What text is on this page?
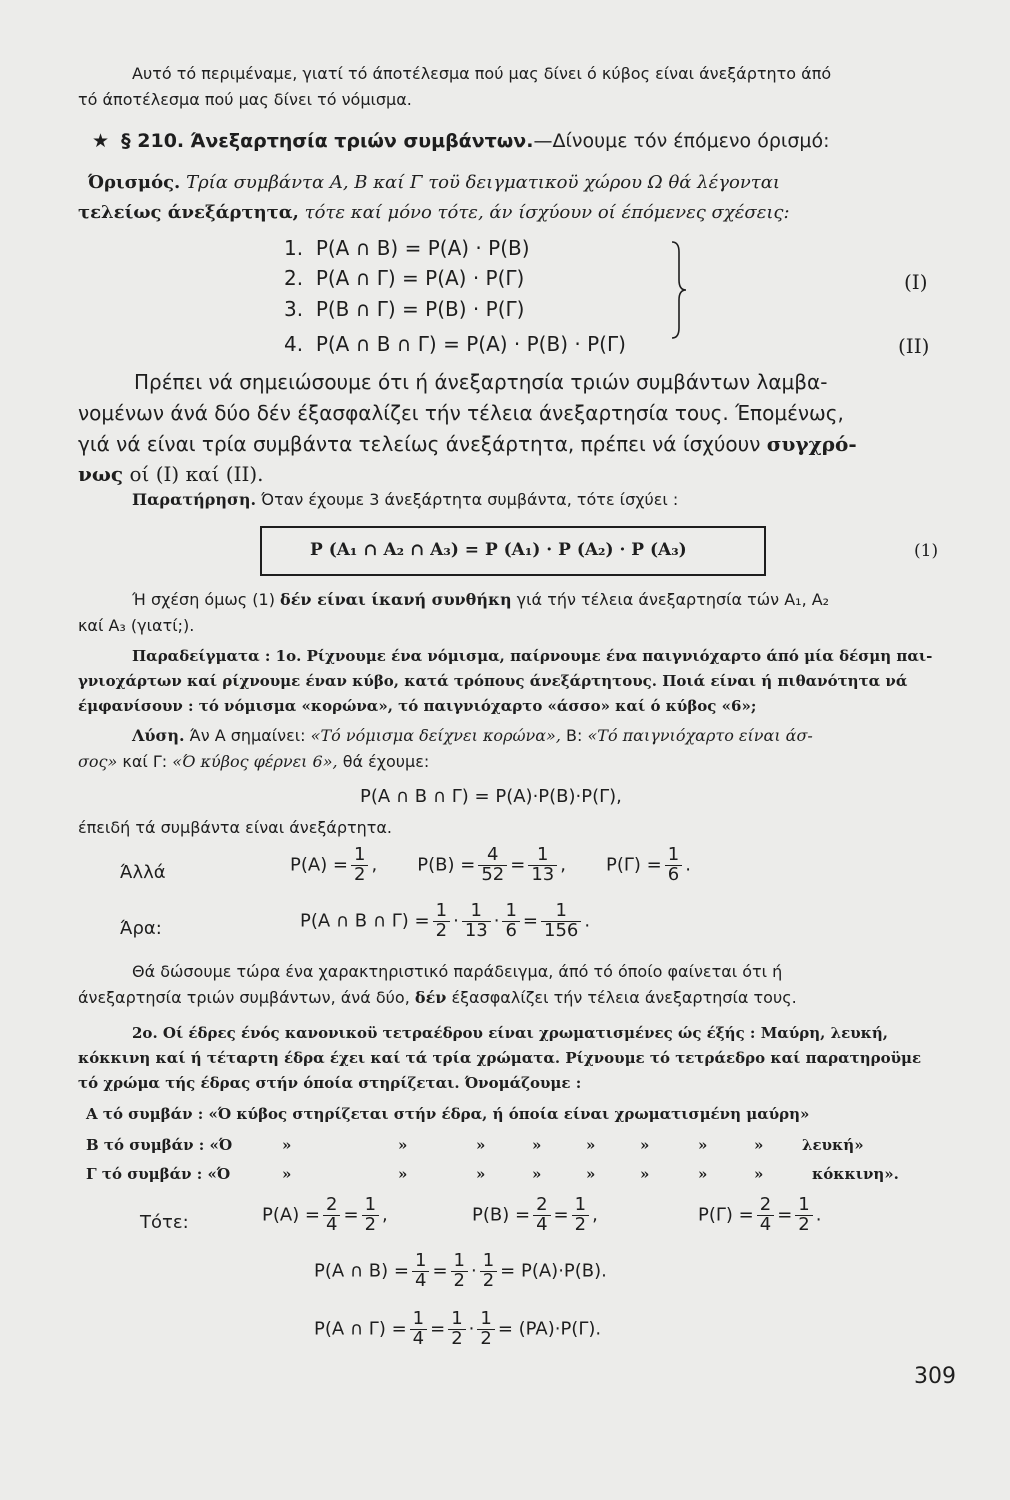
Αυτό τό περιμέναμε, γιατί τό άποτέλεσμα πού μας δίνει ό κύβος είναι άνεξάρτητο άπό
τό άποτέλεσμα πού μας δίνει τό νόμισμα.
★ § 210. Άνεξαρτησία τριών συμβάντων.—Δίνουμε τόν έπόμενο όρισμό:
Όρισμός. Τρία συμβάντα Α, Β καί Γ τοϋ δειγματικοϋ χώρου Ω θά λέγονται
τελείως άνεξάρτητα, τότε καί μόνο τότε, άν ίσχύουν οί έπόμενες σχέσεις:
1. P(A ∩ B) = P(A) · P(B)
2. P(A ∩ Γ) = P(A) · P(Γ)
3. P(B ∩ Γ) = P(B) · P(Γ)
4. P(A ∩ B ∩ Γ) = P(A) · P(B) · P(Γ)
(I)
(II)
Πρέπει νά σημειώσουμε ότι ή άνεξαρτησία τριών συμβάντων λαμβα-
νομένων άνά δύο δέν έξασφαλίζει τήν τέλεια άνεξαρτησία τους. Έπομένως,
γιά νά είναι τρία συμβάντα τελείως άνεξάρτητα, πρέπει νά ίσχύουν συγχρό-
νως οί (I) καί (II).
Παρατήρηση. Όταν έχουμε 3 άνεξάρτητα συμβάντα, τότε ίσχύει :
P (A₁ ∩ A₂ ∩ A₃) = P (A₁) · P (A₂) · P (A₃)	(1)
Ή σχέση όμως (1) δέν είναι ίκανή συνθήκη γιά τήν τέλεια άνεξαρτησία τών A₁, A₂
καί A₃ (γιατί;).
Παραδείγματα : 1ο. Ρίχνουμε ένα νόμισμα, παίρνουμε ένα παιγνιόχαρτο άπό μία δέσμη παι-
γνιοχάρτων καί ρίχνουμε έναν κύβο, κατά τρόπους άνεξάρτητους. Ποιά είναι ή πιθανότητα νά
έμφανίσουν : τό νόμισμα «κορώνα», τό παιγνιόχαρτο «άσσο» καί ό κύβος «6»;
Λύση. Άν Α σημαίνει: «Τό νόμισμα δείχνει κορώνα», Β: «Τό παιγνιόχαρτο είναι άσ-
σος» καί Γ: «Ό κύβος φέρνει 6», θά έχουμε:
P(A ∩ B ∩ Γ) = P(A)·P(B)·P(Γ),
έπειδή τά συμβάντα είναι άνεξάρτητα.
Άλλά	$P(A) = \frac{1}{2}$ ,       $P(B) = \frac{4}{52} = \frac{1}{13}$ ,       $P(\Gamma) = \frac{1}{6}$ .
Άρα:	P(A ∩ B ∩ $\Gamma) = \frac{1}{2} \cdot \frac{1}{13} \cdot \frac{1}{6} = \frac{1}{156}$ .
Θά δώσουμε τώρα ένα χαρακτηριστικό παράδειγμα, άπό τό όποίο φαίνεται ότι ή
άνεξαρτησία τριών συμβάντων, άνά δύο, δέν έξασφαλίζει τήν τέλεια άνεξαρτησία τους.
2ο. Οί έδρες ένός κανονικοϋ τετραέδρου είναι χρωματισμένες ώς έξής : Μαύρη, λευκή,
κόκκινη καί ή τέταρτη έδρα έχει καί τά τρία χρώματα. Ρίχνουμε τό τετράεδρο καί παρατηροϋμε
τό χρώμα τής έδρας στήν όποία στηρίζεται. Όνομάζουμε :
Α τό συμβάν : «Ό κύβος στηρίζεται στήν έδρα, ή όποία είναι χρωματισμένη μαύρη»
Β τό συμβάν : «Ό	»	»	»	»	»	»	»	»	λευκή»
Γ τό συμβάν : «Ό	»	»	»	»	»	»	»	»	κόκκινη».
Τότε:	$P(A) = \frac{2}{4} = \frac{1}{2}$ ,	$P(B) = \frac{2}{4} = \frac{1}{2}$ ,	$P(\Gamma) = \frac{2}{4} = \frac{1}{2}$ .
P(A ∩ $B) = \frac{1}{4} = \frac{1}{2} \cdot \frac{1}{2} = P(A)\cdot P(B)$.
P(A ∩ $\Gamma) = \frac{1}{4} = \frac{1}{2} \cdot \frac{1}{2} = (PA)\cdot P(\Gamma)$.
309
